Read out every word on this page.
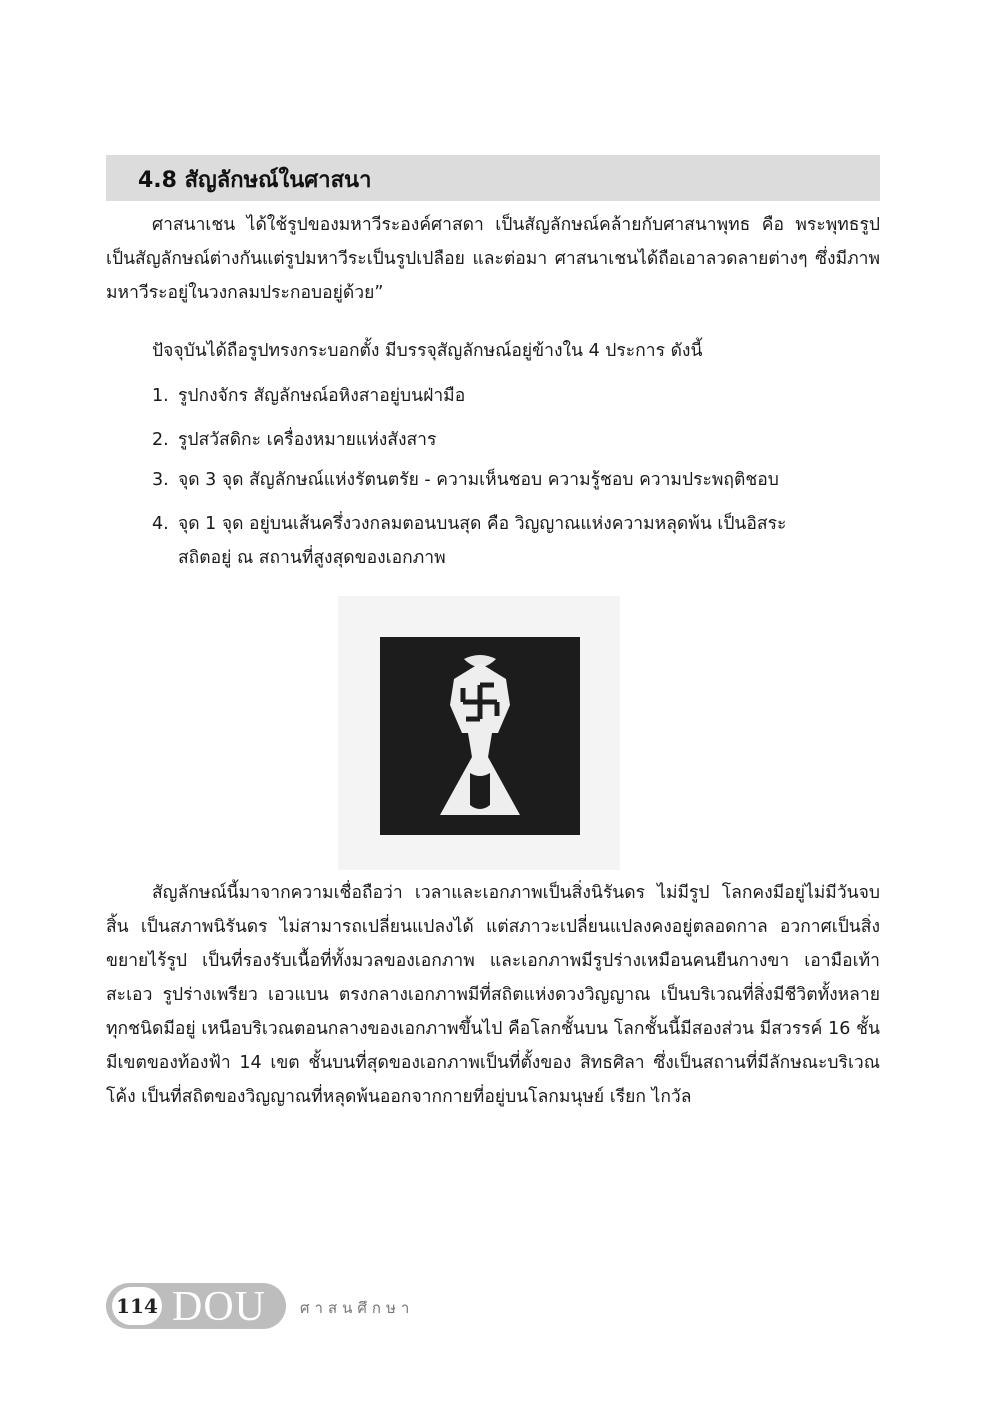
4.8 สัญลักษณ์ในศาสนา

ศาสนาเชน ได้ใช้รูปของมหาวีระองค์ศาสดา เป็นสัญลักษณ์คล้ายกับศาสนาพุทธ คือ พระพุทธรูป เป็นสัญลักษณ์ต่างกันแต่รูปมหาวีระเป็นรูปเปลือย และต่อมา ศาสนาเชนได้ถือเอาลวดลายต่างๆ ซึ่งมีภาพมหาวีระอยู่ในวงกลมประกอบอยู่ด้วย”

ปัจจุบันได้ถือรูปทรงกระบอกตั้ง มีบรรจุสัญลักษณ์อยู่ข้างใน 4 ประการ ดังนี้
1. รูปกงจักร สัญลักษณ์อหิงสาอยู่บนฝ่ามือ
2. รูปสวัสดิกะ เครื่องหมายแห่งสังสาร
3. จุด 3 จุด สัญลักษณ์แห่งรัตนตรัย - ความเห็นชอบ ความรู้ชอบ ความประพฤติชอบ
4. จุด 1 จุด อยู่บนเส้นครึ่งวงกลมตอนบนสุด คือ วิญญาณแห่งความหลุดพ้น เป็นอิสระ
สถิตอยู่ ณ สถานที่สูงสุดของเอกภาพ

สัญลักษณ์นี้มาจากความเชื่อถือว่า เวลาและเอกภาพเป็นสิ่งนิรันดร ไม่มีรูป โลกคงมีอยู่ไม่มีวันจบสิ้น เป็นสภาพนิรันดร ไม่สามารถเปลี่ยนแปลงได้ แต่สภาวะเปลี่ยนแปลงคงอยู่ตลอดกาล อวกาศเป็นสิ่งขยายไร้รูป เป็นที่รองรับเนื้อที่ทั้งมวลของเอกภาพ และเอกภาพมีรูปร่างเหมือนคนยืนกางขา เอามือเท้าสะเอว รูปร่างเพรียว เอวแบน ตรงกลางเอกภาพมีที่สถิตแห่งดวงวิญญาณ เป็นบริเวณที่สิ่งมีชีวิตทั้งหลายทุกชนิดมีอยู่ เหนือบริเวณตอนกลางของเอกภาพขึ้นไป คือโลกชั้นบน โลกชั้นนี้มีสองส่วน มีสวรรค์ 16 ชั้น มีเขตของท้องฟ้า 14 เขต ชั้นบนที่สุดของเอกภาพเป็นที่ตั้งของ สิทธศิลา ซึ่งเป็นสถานที่มีลักษณะบริเวณโค้ง เป็นที่สถิตของวิญญาณที่หลุดพ้นออกจากกายที่อยู่บนโลกมนุษย์ เรียก ไกวัล

114 DOU ศาสนศึกษา
